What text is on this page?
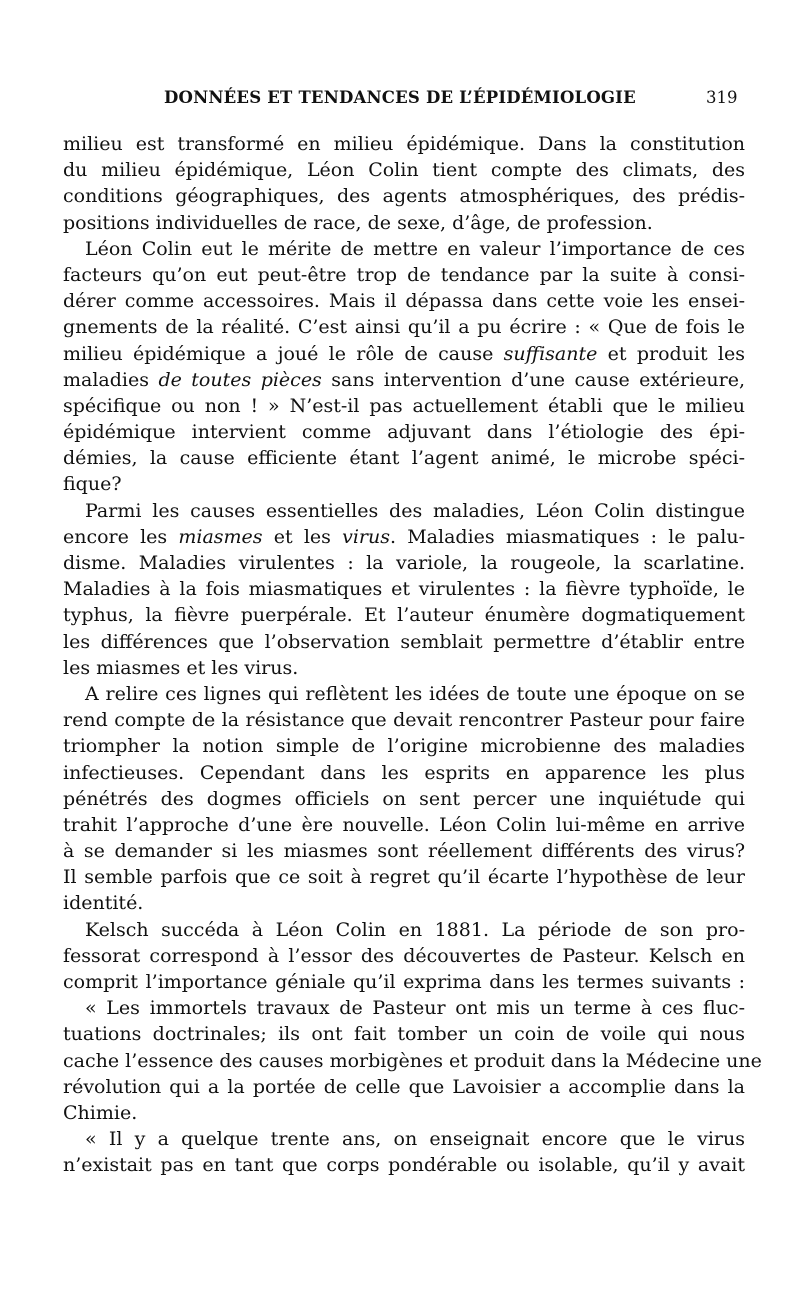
DONNÉES ET TENDANCES DE L’ÉPIDÉMIOLOGIE	319
milieu est transformé en milieu épidémique. Dans la constitution
du milieu épidémique, Léon Colin tient compte des climats, des
conditions géographiques, des agents atmosphériques, des prédis-
positions individuelles de race, de sexe, d’âge, de profession.
Léon Colin eut le mérite de mettre en valeur l’importance de ces
facteurs qu’on eut peut-être trop de tendance par la suite à consi-
dérer comme accessoires. Mais il dépassa dans cette voie les ensei-
gnements de la réalité. C’est ainsi qu’il a pu écrire : « Que de fois le
milieu épidémique a joué le rôle de cause suffisante et produit les
maladies de toutes pièces sans intervention d’une cause extérieure,
spécifique ou non ! » N’est-il pas actuellement établi que le milieu
épidémique intervient comme adjuvant dans l’étiologie des épi-
démies, la cause efficiente étant l’agent animé, le microbe spéci-
fique?
Parmi les causes essentielles des maladies, Léon Colin distingue
encore les miasmes et les virus. Maladies miasmatiques : le palu-
disme. Maladies virulentes : la variole, la rougeole, la scarlatine.
Maladies à la fois miasmatiques et virulentes : la fièvre typhoïde, le
typhus, la fièvre puerpérale. Et l’auteur énumère dogmatiquement
les différences que l’observation semblait permettre d’établir entre
les miasmes et les virus.
A relire ces lignes qui reflètent les idées de toute une époque on se
rend compte de la résistance que devait rencontrer Pasteur pour faire
triompher la notion simple de l’origine microbienne des maladies
infectieuses. Cependant dans les esprits en apparence les plus
pénétrés des dogmes officiels on sent percer une inquiétude qui
trahit l’approche d’une ère nouvelle. Léon Colin lui-même en arrive
à se demander si les miasmes sont réellement différents des virus?
Il semble parfois que ce soit à regret qu’il écarte l’hypothèse de leur
identité.
Kelsch succéda à Léon Colin en 1881. La période de son pro-
fessorat correspond à l’essor des découvertes de Pasteur. Kelsch en
comprit l’importance géniale qu’il exprima dans les termes suivants :
« Les immortels travaux de Pasteur ont mis un terme à ces fluc-
tuations doctrinales; ils ont fait tomber un coin de voile qui nous
cache l’essence des causes morbigènes et produit dans la Médecine une
révolution qui a la portée de celle que Lavoisier a accomplie dans la
Chimie.
« Il y a quelque trente ans, on enseignait encore que le virus
n’existait pas en tant que corps pondérable ou isolable, qu’il y avait
